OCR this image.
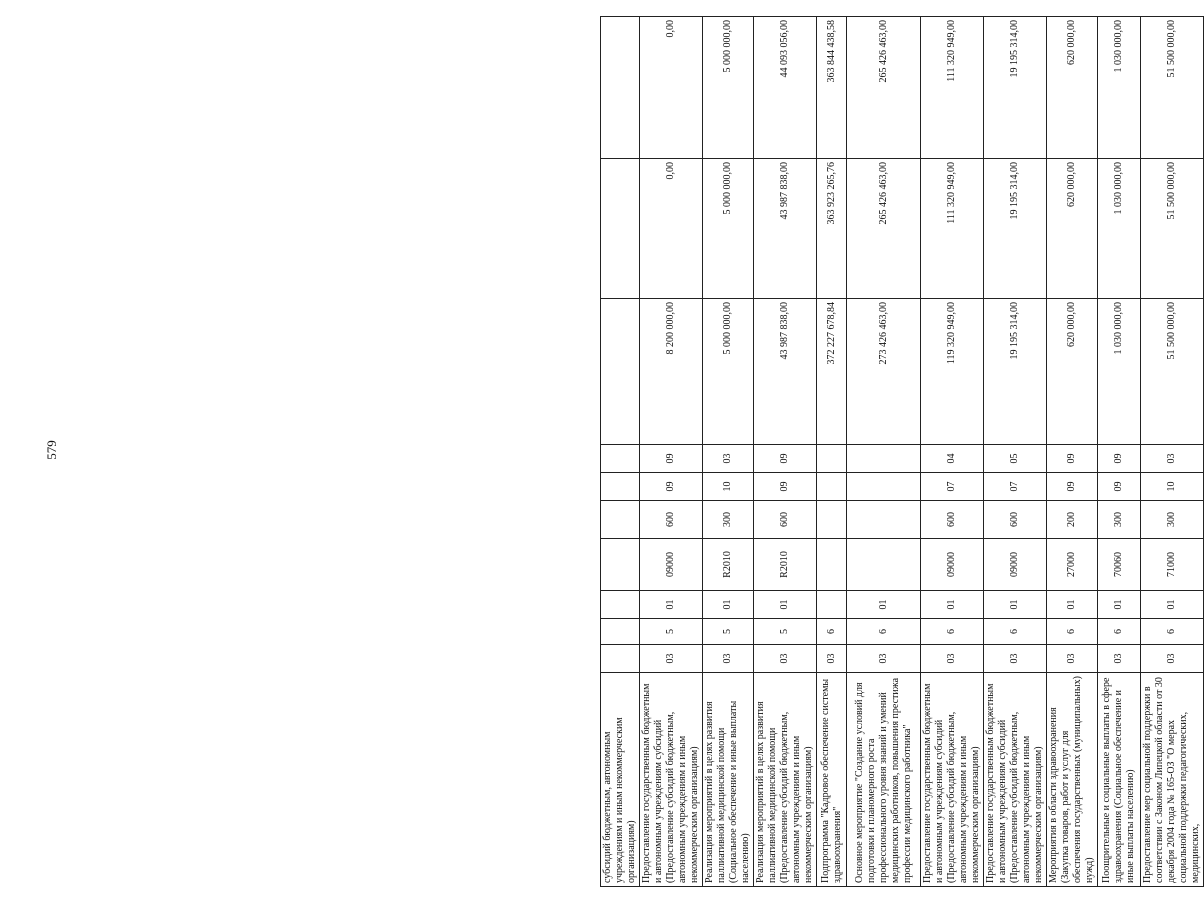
579
субсидий бюджетным, автономным учреждениям и иным некоммерческим организациям)										
Предоставление государственным бюджетным и автономным учреждениям субсидий (Предоставление субсидий бюджетным, автономным учреждениям и иным некоммерческим организациям)	03	5	01	09000	600	09	09	8 200 000,00	0,00	0,00
Реализация мероприятий в целях развития паллиативной медицинской помощи (Социальное обеспечение и иные выплаты населению)	03	5	01	R2010	300	10	03	5 000 000,00	5 000 000,00	5 000 000,00
Реализация мероприятий в целях развития паллиативной медицинской помощи (Предоставление субсидий бюджетным, автономным учреждениям и иным некоммерческим организациям)	03	5	01	R2010	600	09	09	43 987 838,00	43 987 838,00	44 093 056,00
Подпрограмма "Кадровое обеспечение системы здравоохранения"	03	6						372 227 678,84	363 923 265,76	363 844 438,58
Основное мероприятие "Создание условий для подготовки и планомерного роста профессионального уровня знаний и умений медицинских работников, повышения престижа профессии медицинского работника"	03	6	01					273 426 463,00	265 426 463,00	265 426 463,00
Предоставление государственным бюджетным и автономным учреждениям субсидий (Предоставление субсидий бюджетным, автономным учреждениям и иным некоммерческим организациям)	03	6	01	09000	600	07	04	119 320 949,00	111 320 949,00	111 320 949,00
Предоставление государственным бюджетным и автономным учреждениям субсидий (Предоставление субсидий бюджетным, автономным учреждениям и иным некоммерческим организациям)	03	6	01	09000	600	07	05	19 195 314,00	19 195 314,00	19 195 314,00
Мероприятия в области здравоохранения (Закупка товаров, работ и услуг для обеспечения государственных (муниципальных) нужд)	03	6	01	27000	200	09	09	620 000,00	620 000,00	620 000,00
Поощрительные и социальные выплаты в сфере здравоохранения (Социальное обеспечение и иные выплаты населению)	03	6	01	70060	300	09	09	1 030 000,00	1 030 000,00	1 030 000,00
Предоставление мер социальной поддержки в соответствии с Законом Липецкой области от 30 декабря 2004 года № 165-ОЗ "О мерах социальной поддержки педагогических, медицинских,	03	6	01	71000	300	10	03	51 500 000,00	51 500 000,00	51 500 000,00
